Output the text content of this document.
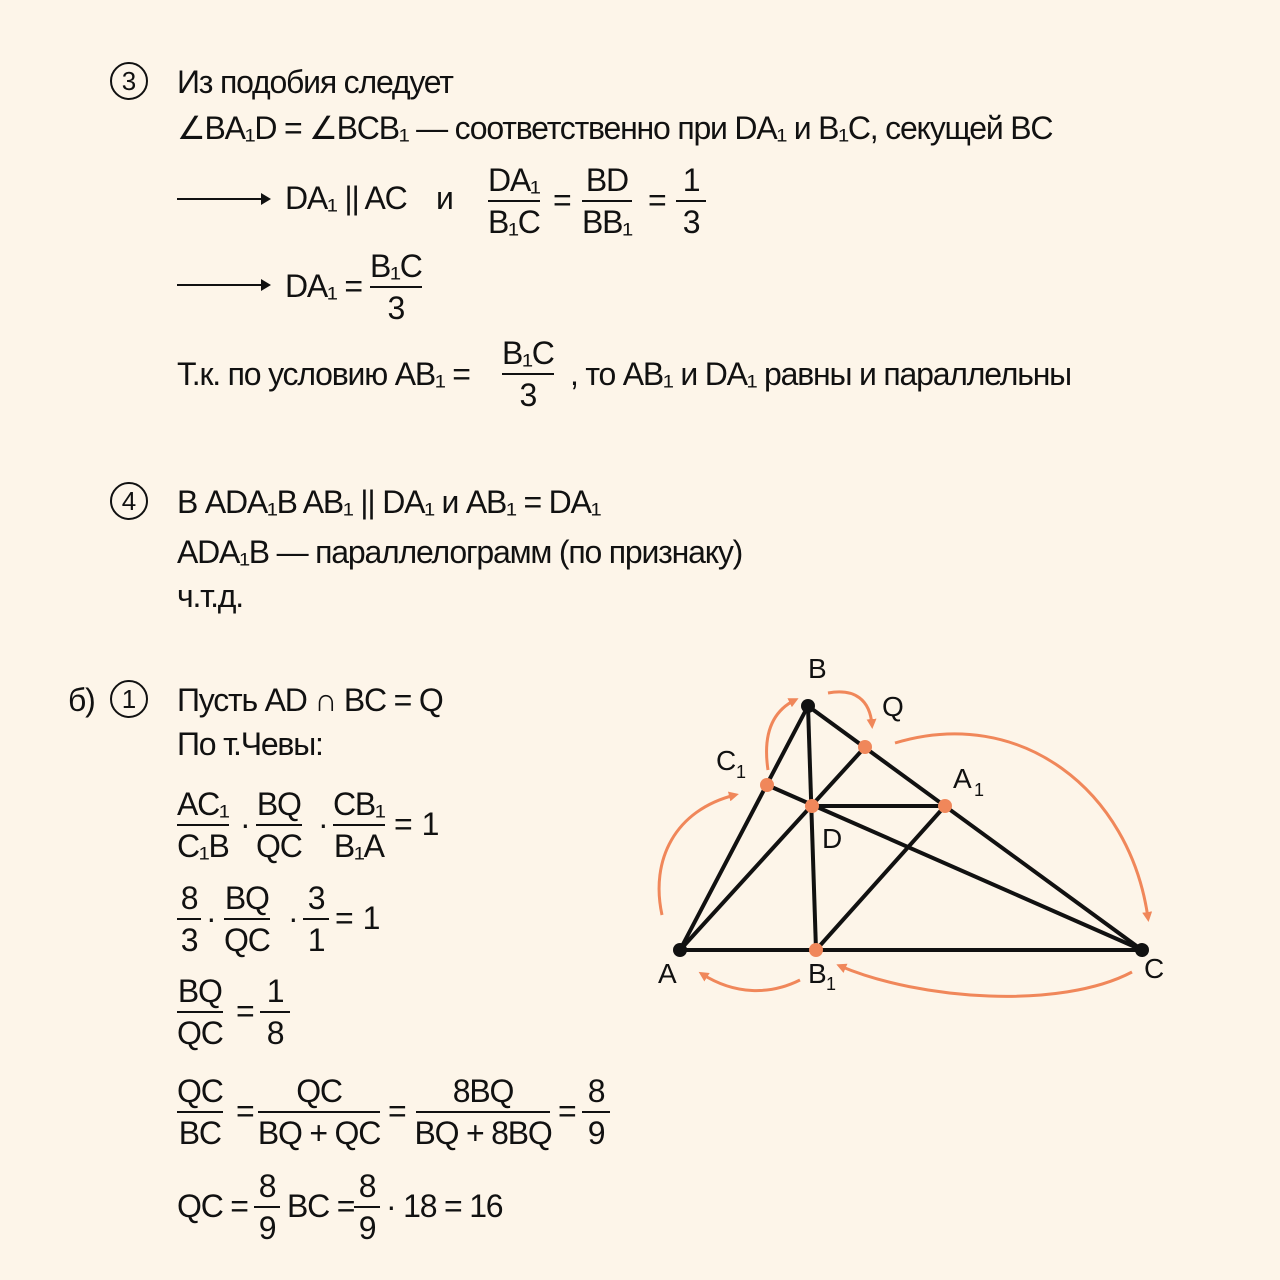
3	Из подобия следует
∠BA₁D = ∠BCB₁ — соответственно при DA₁ и B₁C, секущей BC
DA₁ || AC и DA₁
B₁C
=
BD
BB₁
=
1
3
DA₁ =
B₁C
3
Т.к. по условию AB₁ =
B₁C
3
, то AB₁ и DA₁ равны и параллельны
4	В ADA₁B AB₁ || DA₁ и AB₁ = DA₁
ADA₁B — параллелограмм (по признаку)
ч.т.д.
б)	1	Пусть AD ∩ BC = Q
По т.Чевы:
AC₁
C₁B
·
BQ
QC
·
CB₁
B₁A
= 1
8
3
·
BQ
QC
·
3
1
= 1
BQ
QC
=
1
8
QC
BC
=
QC
BQ + QC
=
8BQ
BQ + 8BQ
=
8
9
QC =
8
9
BC =
8
9
· 18 = 16
B
Q
C 1	A 1
D
A	B 1	C
